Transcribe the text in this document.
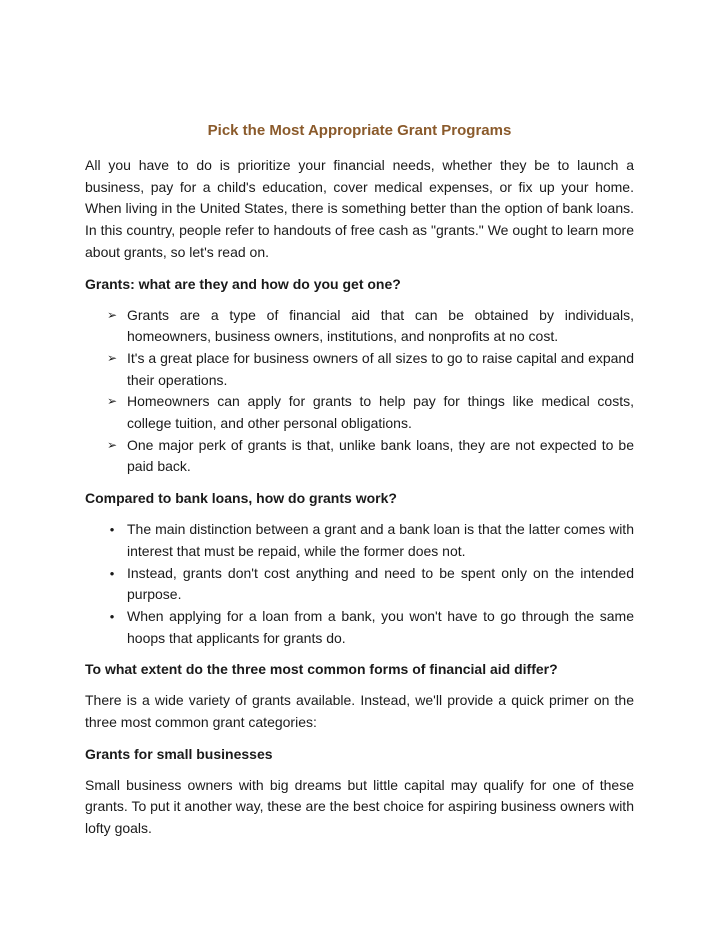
Pick the Most Appropriate Grant Programs

All you have to do is prioritize your financial needs, whether they be to launch a business, pay for a child's education, cover medical expenses, or fix up your home. When living in the United States, there is something better than the option of bank loans. In this country, people refer to handouts of free cash as "grants." We ought to learn more about grants, so let's read on.

Grants: what are they and how do you get one?
➢ Grants are a type of financial aid that can be obtained by individuals, homeowners, business owners, institutions, and nonprofits at no cost.
➢ It's a great place for business owners of all sizes to go to raise capital and expand their operations.
➢ Homeowners can apply for grants to help pay for things like medical costs, college tuition, and other personal obligations.
➢ One major perk of grants is that, unlike bank loans, they are not expected to be paid back.
Compared to bank loans, how do grants work?
• The main distinction between a grant and a bank loan is that the latter comes with interest that must be repaid, while the former does not.
• Instead, grants don't cost anything and need to be spent only on the intended purpose.
• When applying for a loan from a bank, you won't have to go through the same hoops that applicants for grants do.
To what extent do the three most common forms of financial aid differ?

There is a wide variety of grants available. Instead, we'll provide a quick primer on the three most common grant categories:

Grants for small businesses

Small business owners with big dreams but little capital may qualify for one of these grants. To put it another way, these are the best choice for aspiring business owners with lofty goals.
